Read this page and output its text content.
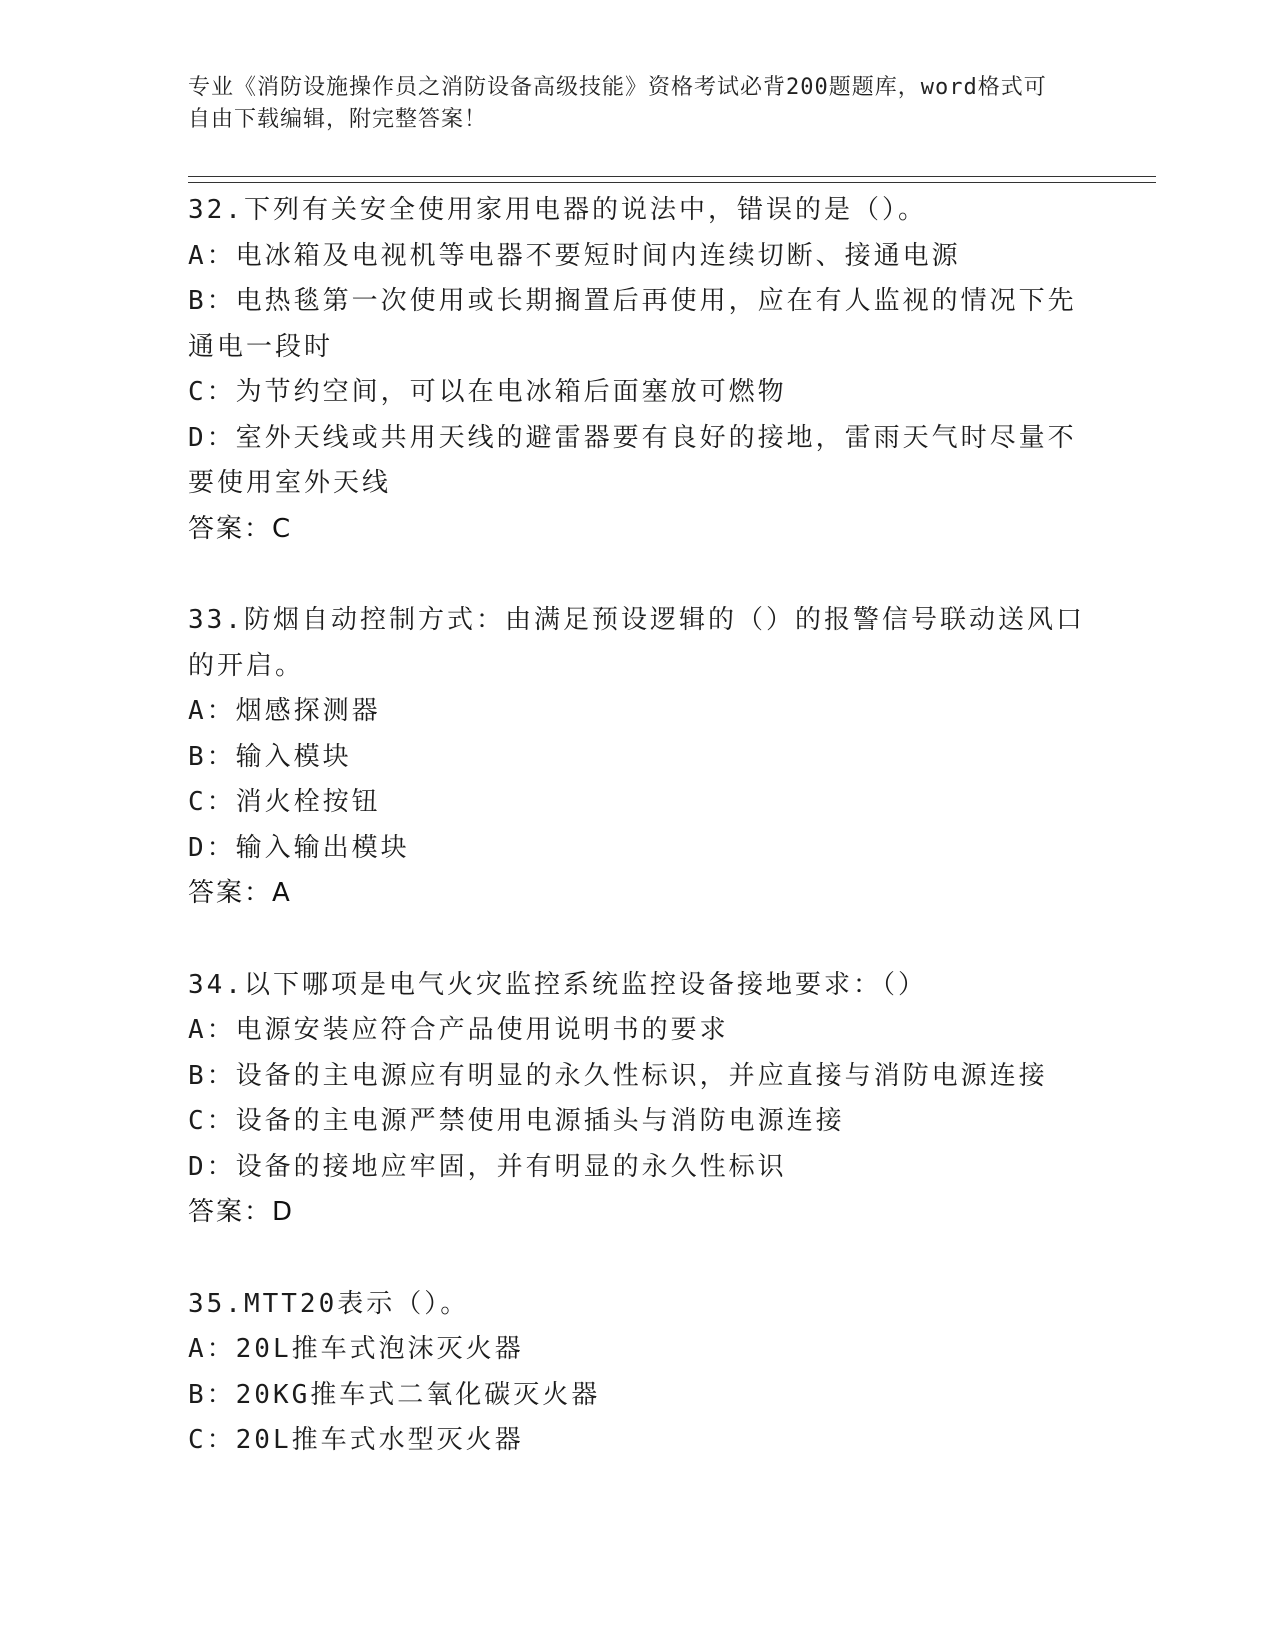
专业《消防设施操作员之消防设备高级技能》资格考试必背200题题库，word格式可自由下载编辑，附完整答案！
32.下列有关安全使用家用电器的说法中，错误的是（）。
A：电冰箱及电视机等电器不要短时间内连续切断、接通电源
B：电热毯第一次使用或长期搁置后再使用，应在有人监视的情况下先通电一段时
C：为节约空间，可以在电冰箱后面塞放可燃物
D：室外天线或共用天线的避雷器要有良好的接地，雷雨天气时尽量不要使用室外天线
答案：C
33.防烟自动控制方式：由满足预设逻辑的（）的报警信号联动送风口的开启。
A：烟感探测器
B：输入模块
C：消火栓按钮
D：输入输出模块
答案：A
34.以下哪项是电气火灾监控系统监控设备接地要求：（）
A：电源安装应符合产品使用说明书的要求
B：设备的主电源应有明显的永久性标识，并应直接与消防电源连接
C：设备的主电源严禁使用电源插头与消防电源连接
D：设备的接地应牢固，并有明显的永久性标识
答案：D
35.MTT20表示（）。
A：20L推车式泡沫灭火器
B：20KG推车式二氧化碳灭火器
C：20L推车式水型灭火器
